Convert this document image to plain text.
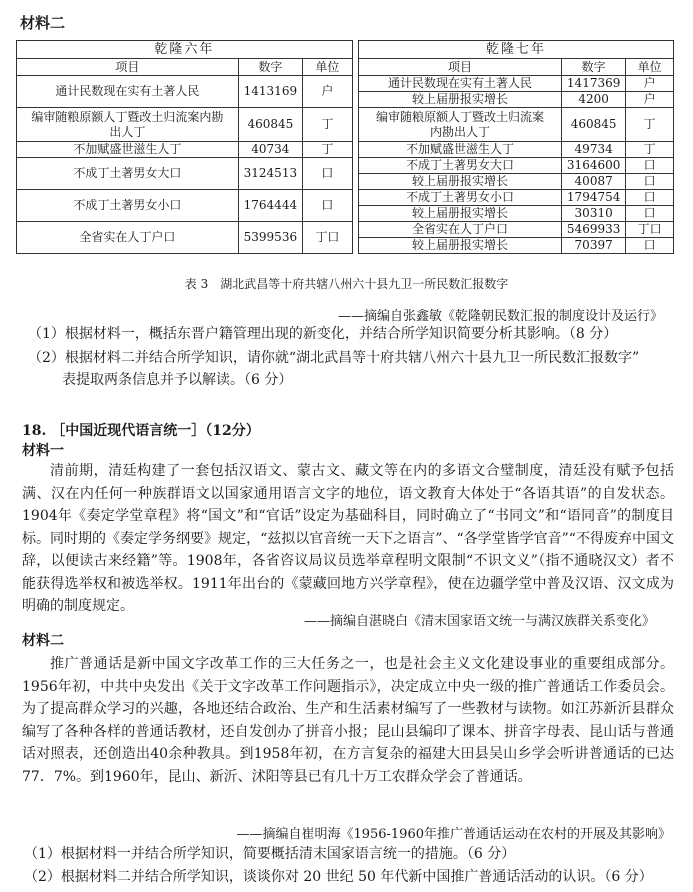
材料二
乾隆六年				乾隆七年		
项目	数字	单位		项目	数字	单位
通计民数现在实有土著人民	1413169	户		通计民数现在实有土著人民	1417369	户
				较上届册报实增长	4200	户
编审随粮原额人丁暨改土归流案内勘出人丁	460845	丁		编审随粮原额人丁暨改土归流案内勘出人丁	460845	丁
不加赋盛世滋生人丁	40734	丁		不加赋盛世滋生人丁	49734	丁
不成丁土著男女大口	3124513	口		不成丁土著男女大口	3164600	口
				较上届册报实增长	40087	口
不成丁土著男女小口	1764444	口		不成丁土著男女小口	1794754	口
				较上届册报实增长	30310	口
全省实在人丁户口	5399536	丁口		全省实在人丁户口	5469933	丁口
				较上届册报实增长	70397	口
表 3　湖北武昌等十府共辖八州六十县九卫一所民数汇报数字
——摘编自张鑫敏《乾隆朝民数汇报的制度设计及运行》
（1）根据材料一，概括东晋户籍管理出现的新变化，并结合所学知识简要分析其影响。（8 分）
（2）根据材料二并结合所学知识，请你就“湖北武昌等十府共辖八州六十县九卫一所民数汇报数字”
表提取两条信息并予以解读。（6 分）
18. ［中国近现代语言统一］（12分）
材料一
清前期，清廷构建了一套包括汉语文、蒙古文、藏文等在内的多语文合璧制度，清廷没有赋予包括满、汉在内任何一种族群语文以国家通用语言文字的地位，语文教育大体处于“各语其语”的自发状态。1904年《奏定学堂章程》将“国文”和“官话”设定为基础科目，同时确立了“书同文”和“语同音”的制度目标。同时期的《奏定学务纲要》规定，“兹拟以官音统一天下之语言”、“各学堂皆学官音”“不得废弃中国文辞，以便读古来经籍”等。1908年，各省咨议局议员选举章程明文限制“不识文义”（指不通晓汉文）者不能获得选举权和被选举权。1911年出台的《蒙藏回地方兴学章程》，使在边疆学堂中普及汉语、汉文成为明确的制度规定。
——摘编自湛晓白《清末国家语文统一与满汉族群关系变化》
材料二
推广普通话是新中国文字改革工作的三大任务之一，也是社会主义文化建设事业的重要组成部分。1956年初，中共中央发出《关于文字改革工作问题指示》，决定成立中央一级的推广普通话工作委员会。为了提高群众学习的兴趣，各地还结合政治、生产和生活素材编写了一些教材与读物。如江苏新沂县群众编写了各种各样的普通话教材，还自发创办了拼音小报；昆山县编印了课本、拼音字母表、昆山话与普通话对照表，还创造出40余种教具。到1958年初，在方言复杂的福建大田县吴山乡学会听讲普通话的已达77．7%。到1960年，昆山、新沂、沭阳等县已有几十万工农群众学会了普通话。
——摘编自崔明海《1956-1960年推广普通话运动在农村的开展及其影响》
（1）根据材料一并结合所学知识，简要概括清末国家语言统一的措施。（6 分）
（2）根据材料二并结合所学知识，谈谈你对 20 世纪 50 年代新中国推广普通话活动的认识。（6 分）
